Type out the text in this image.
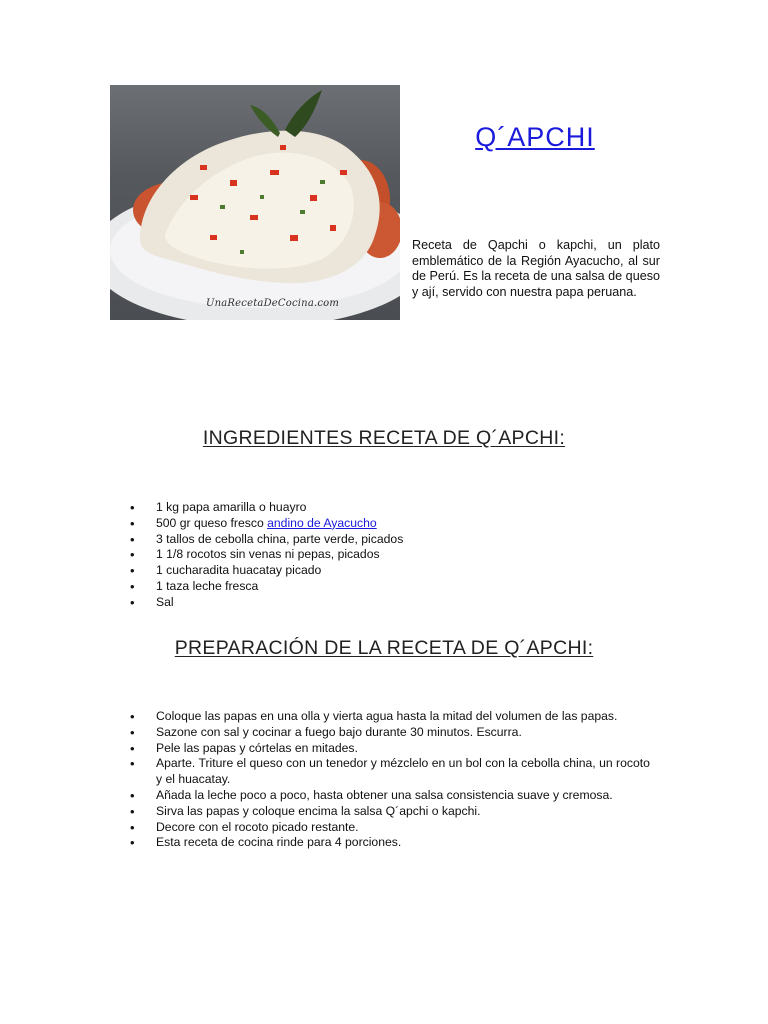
UnaRecetaDeCocina.com
Q´APCHI
Receta de Qapchi o kapchi, un plato emblemático de la Región Ayacucho, al sur de Perú. Es la receta de una salsa de queso y ají, servido con nuestra papa peruana.
INGREDIENTES RECETA DE Q´APCHI:
• 1 kg papa amarilla o huayro
• 500 gr queso fresco andino de Ayacucho
• 3 tallos de cebolla china, parte verde, picados
• 1 1/8 rocotos sin venas ni pepas, picados
• 1 cucharadita huacatay picado
• 1 taza leche fresca
• Sal
PREPARACIÓN DE LA RECETA DE Q´APCHI:
• Coloque las papas en una olla y vierta agua hasta la mitad del volumen de las papas.
• Sazone con sal y cocinar a fuego bajo durante 30 minutos. Escurra.
• Pele las papas y córtelas en mitades.
• Aparte. Triture el queso con un tenedor y mézclelo en un bol con la cebolla china, un rocoto y el huacatay.
• Añada la leche poco a poco, hasta obtener una salsa consistencia suave y cremosa.
• Sirva las papas y coloque encima la salsa Q´apchi o kapchi.
• Decore con el rocoto picado restante.
• Esta receta de cocina rinde para 4 porciones.
